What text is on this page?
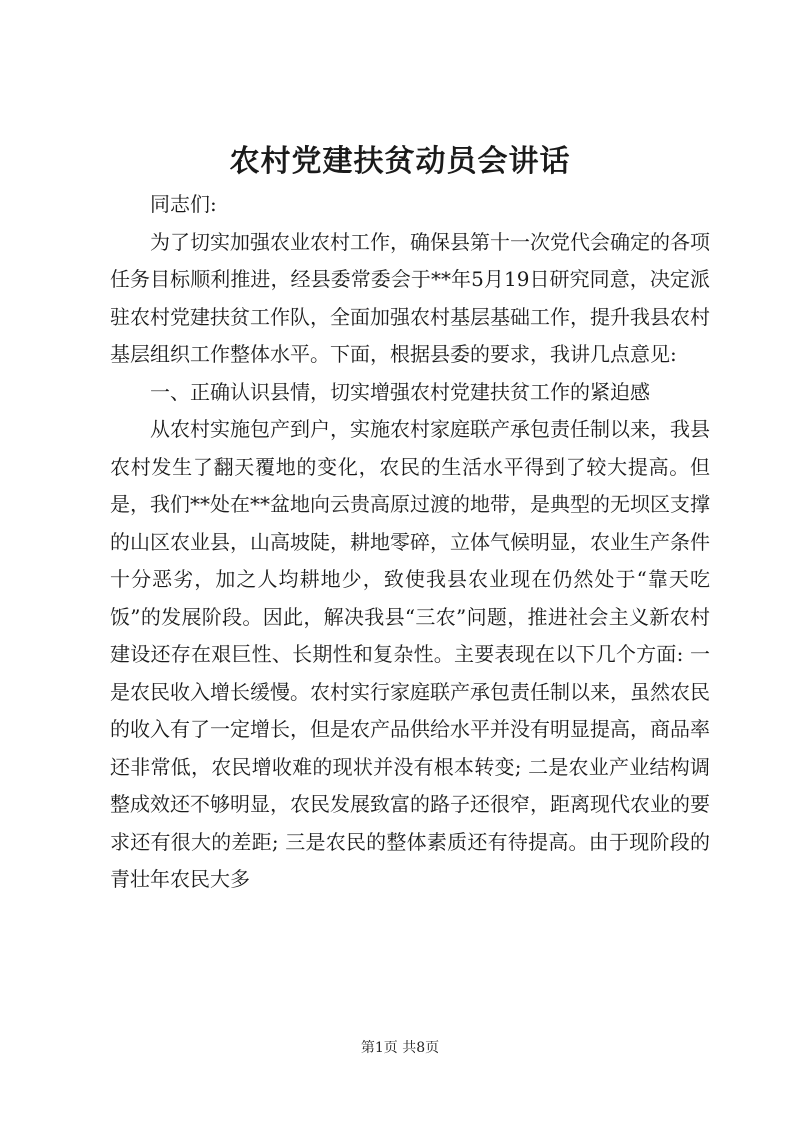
农村党建扶贫动员会讲话

同志们:

为了切实加强农业农村工作，确保县第十一次党代会确定的各项任务目标顺利推进，经县委常委会于**年5月19日研究同意，决定派驻农村党建扶贫工作队，全面加强农村基层基础工作，提升我县农村基层组织工作整体水平。下面，根据县委的要求，我讲几点意见:

一、正确认识县情，切实增强农村党建扶贫工作的紧迫感

从农村实施包产到户，实施农村家庭联产承包责任制以来，我县农村发生了翻天覆地的变化，农民的生活水平得到了较大提高。但是，我们**处在**盆地向云贵高原过渡的地带，是典型的无坝区支撑的山区农业县，山高坡陡，耕地零碎，立体气候明显，农业生产条件十分恶劣，加之人均耕地少，致使我县农业现在仍然处于“靠天吃饭”的发展阶段。因此，解决我县“三农”问题，推进社会主义新农村建设还存在艰巨性、长期性和复杂性。主要表现在以下几个方面: 一是农民收入增长缓慢。农村实行家庭联产承包责任制以来，虽然农民的收入有了一定增长，但是农产品供给水平并没有明显提高，商品率还非常低，农民增收难的现状并没有根本转变; 二是农业产业结构调整成效还不够明显，农民发展致富的路子还很窄，距离现代农业的要求还有很大的差距; 三是农民的整体素质还有待提高。由于现阶段的青壮年农民大多

第1页 共8页
